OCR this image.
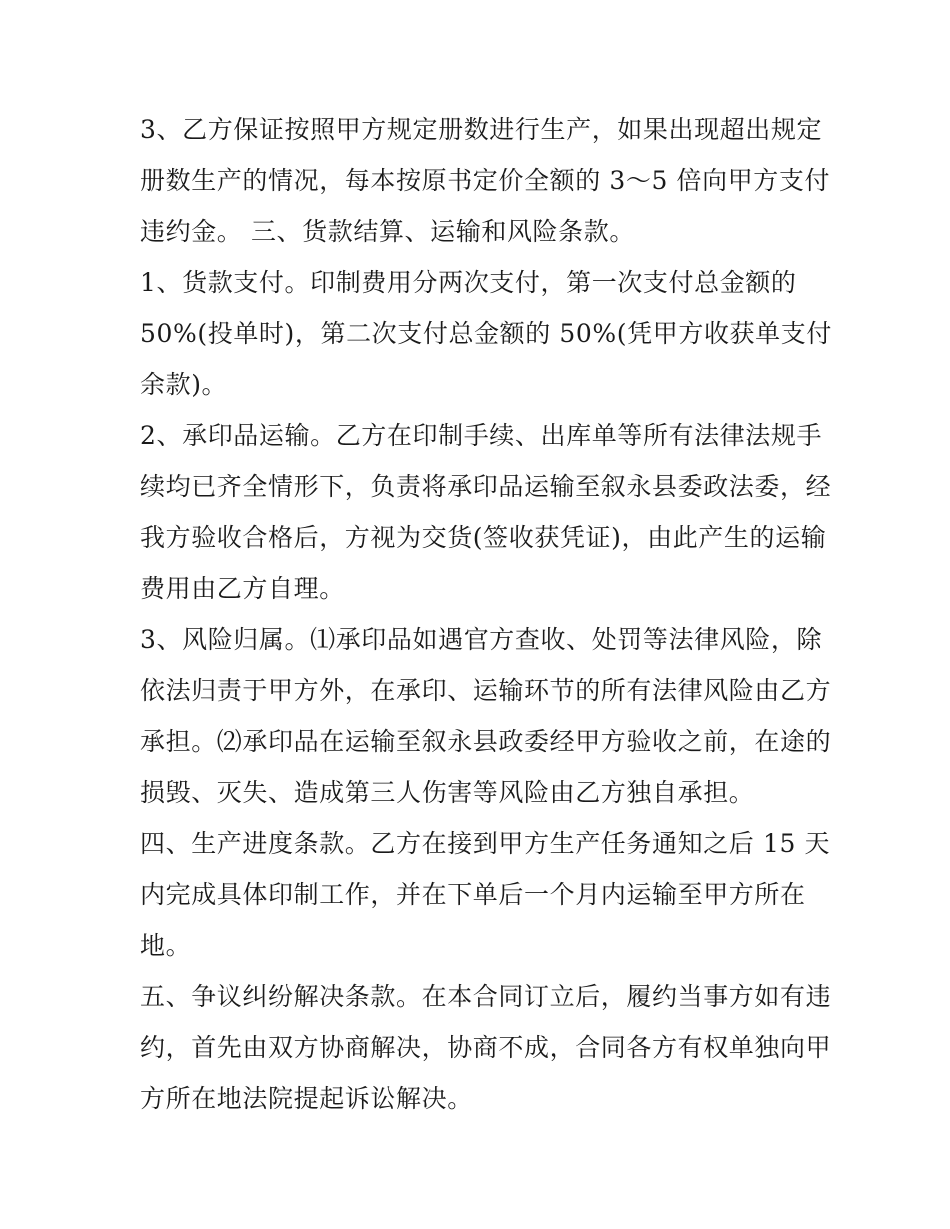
3、乙方保证按照甲方规定册数进行生产，如果出现超出规定
册数生产的情况，每本按原书定价全额的 3～5 倍向甲方支付
违约金。 三、货款结算、运输和风险条款。
1、货款支付。印制费用分两次支付，第一次支付总金额的
50%(投单时)，第二次支付总金额的 50%(凭甲方收获单支付
余款)。
2、承印品运输。乙方在印制手续、出库单等所有法律法规手
续均已齐全情形下，负责将承印品运输至叙永县委政法委，经
我方验收合格后，方视为交货(签收获凭证)，由此产生的运输
费用由乙方自理。
3、风险归属。⑴承印品如遇官方查收、处罚等法律风险，除
依法归责于甲方外，在承印、运输环节的所有法律风险由乙方
承担。⑵承印品在运输至叙永县政委经甲方验收之前，在途的
损毁、灭失、造成第三人伤害等风险由乙方独自承担。
四、生产进度条款。乙方在接到甲方生产任务通知之后 15 天
内完成具体印制工作，并在下单后一个月内运输至甲方所在
地。
五、争议纠纷解决条款。在本合同订立后，履约当事方如有违
约，首先由双方协商解决，协商不成，合同各方有权单独向甲
方所在地法院提起诉讼解决。
